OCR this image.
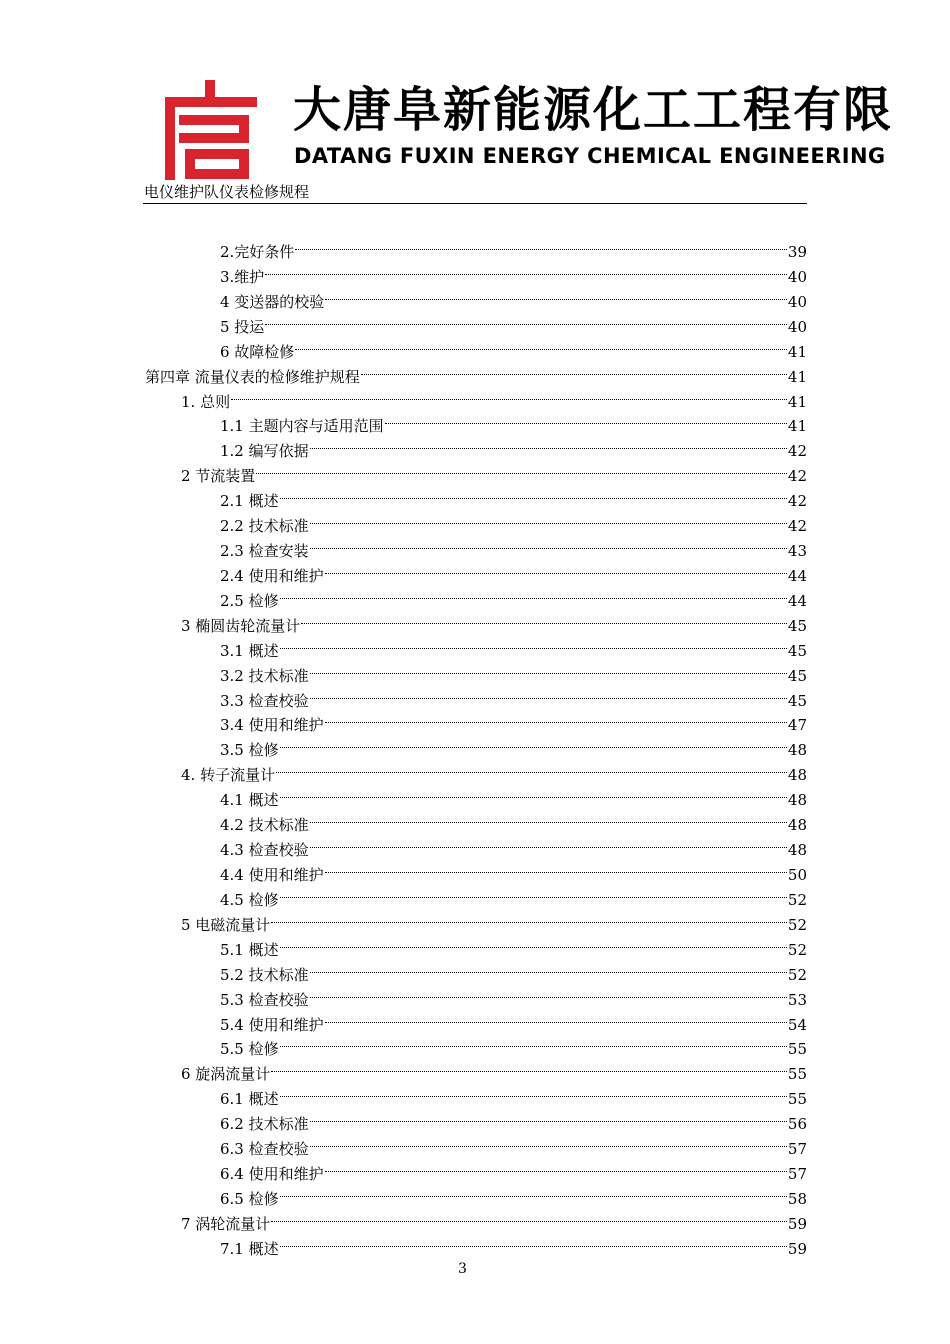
大唐阜新能源化工工程有限
DATANG FUXIN ENERGY CHEMICAL ENGINEERING
电仪维护队仪表检修规程
2.完好条件	39
3.维护	40
4 变送器的校验	40
5 投运	40
6 故障检修	41
第四章 流量仪表的检修维护规程	41
1. 总则	41
1.1 主题内容与适用范围	41
1.2 编写依据	42
2 节流装置	42
2.1 概述	42
2.2 技术标准	42
2.3 检查安装	43
2.4 使用和维护	44
2.5 检修	44
3 椭圆齿轮流量计	45
3.1 概述	45
3.2 技术标准	45
3.3 检查校验	45
3.4 使用和维护	47
3.5 检修	48
4. 转子流量计	48
4.1 概述	48
4.2 技术标准	48
4.3 检查校验	48
4.4 使用和维护	50
4.5 检修	52
5 电磁流量计	52
5.1 概述	52
5.2 技术标准	52
5.3 检查校验	53
5.4 使用和维护	54
5.5 检修	55
6 旋涡流量计	55
6.1 概述	55
6.2 技术标准	56
6.3 检查校验	57
6.4 使用和维护	57
6.5 检修	58
7 涡轮流量计	59
7.1 概述	59
3
